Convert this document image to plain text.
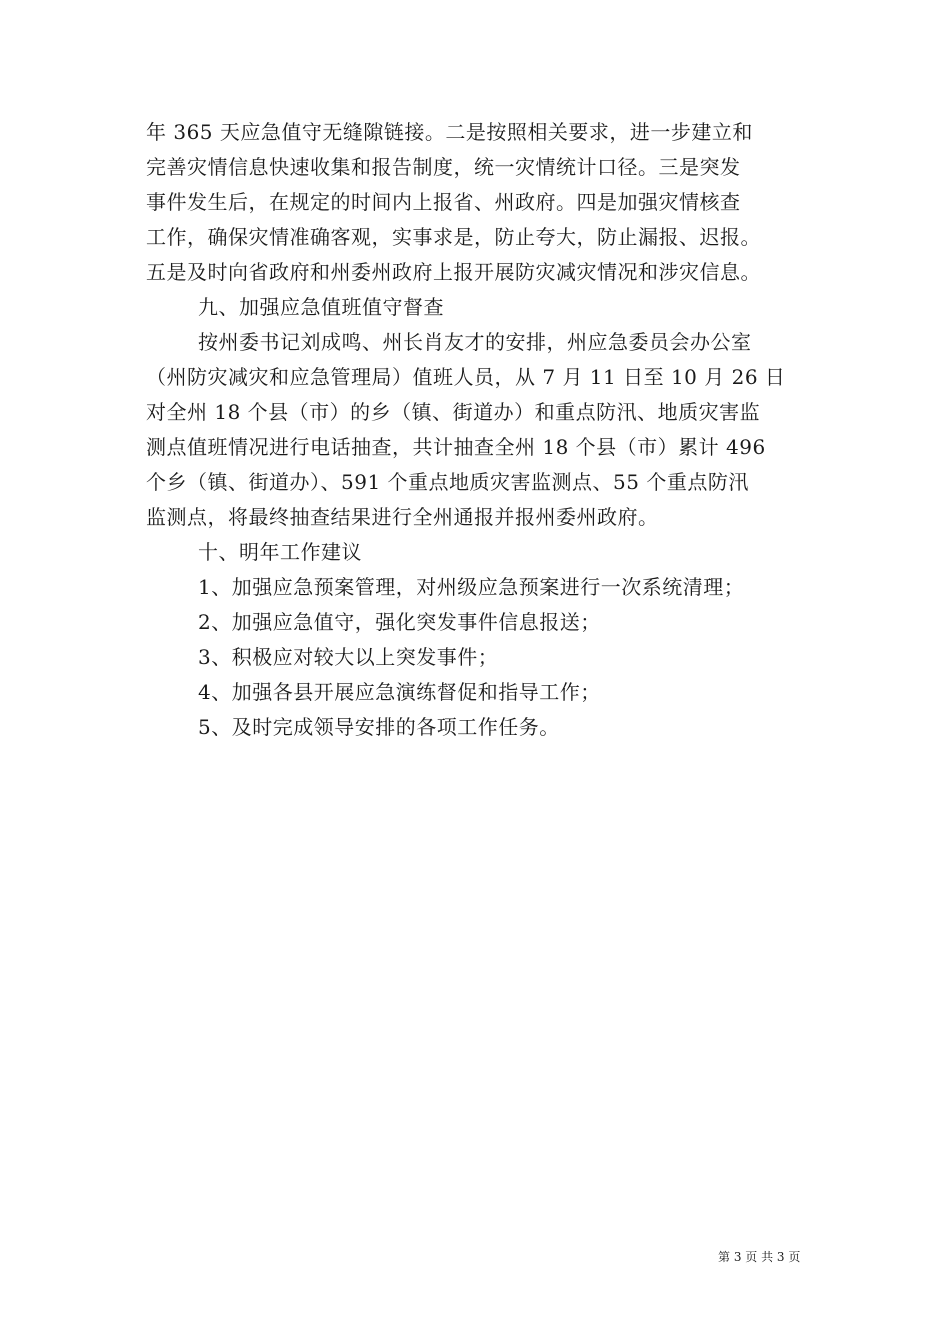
年 365 天应急值守无缝隙链接。二是按照相关要求，进一步建立和
完善灾情信息快速收集和报告制度，统一灾情统计口径。三是突发
事件发生后，在规定的时间内上报省、州政府。四是加强灾情核查
工作，确保灾情准确客观，实事求是，防止夸大，防止漏报、迟报。
五是及时向省政府和州委州政府上报开展防灾减灾情况和涉灾信息。
九、加强应急值班值守督查
按州委书记刘成鸣、州长肖友才的安排，州应急委员会办公室
（州防灾减灾和应急管理局）值班人员，从 7 月 11 日至 10 月 26 日
对全州 18 个县（市）的乡（镇、街道办）和重点防汛、地质灾害监
测点值班情况进行电话抽查，共计抽查全州 18 个县（市）累计 496
个乡（镇、街道办）、591 个重点地质灾害监测点、55 个重点防汛
监测点，将最终抽查结果进行全州通报并报州委州政府。
十、明年工作建议
1、加强应急预案管理，对州级应急预案进行一次系统清理；
2、加强应急值守，强化突发事件信息报送；
3、积极应对较大以上突发事件；
4、加强各县开展应急演练督促和指导工作；
5、及时完成领导安排的各项工作任务。
第 3 页 共 3 页
